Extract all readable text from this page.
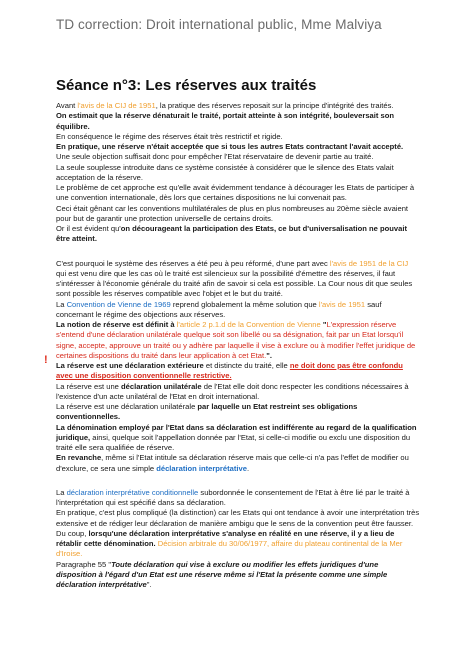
TD correction: Droit international public, Mme Malviya
Séance n°3: Les réserves aux traités
!

Avant l'avis de la CIJ de 1951, la pratique des réserves reposait sur la principe d'intégrité des traités.

On estimait que la réserve dénaturait le traité, portait atteinte à son intégrité, bouleversait son équilibre.

En conséquence le régime des réserves était très restrictif et rigide.

En pratique, une réserve n'était acceptée que si tous les autres Etats contractant l'avait accepté.

Une seule objection suffisait donc pour empêcher l'Etat réservataire de devenir partie au traité.

La seule souplesse introduite dans ce système consistée à considérer que le silence des Etats valait acceptation de la réserve.

Le problème de cet approche est qu'elle avait évidemment tendance à décourager les Etats de participer à une convention internationale, dès lors que certaines dispositions ne lui convenait pas.

Ceci était gênant car les conventions multilatérales de plus en plus nombreuses au 20ème siècle avaient pour but de garantir une protection universelle de certains droits.

Or il est évident qu'on décourageant la participation des Etats, ce but d'universalisation ne pouvait être atteint.

C'est pourquoi le système des réserves a été peu à peu réformé, d'une part avec l'avis de 1951 de la CIJ qui est venu dire que les cas où le traité est silencieux sur la possibilité d'émettre des réserves, il faut s'intéresser à l'économie générale du traité afin de savoir si cela est possible. La Cour nous dit que seules sont possible les réserves compatible avec l'objet et le but du traité.

La Convention de Vienne de 1969 reprend globalement la même solution que l'avis de 1951 sauf concernant le régime des objections aux réserves.

La notion de réserve est définit à l'article 2 p.1.d de la Convention de Vienne "L'expression réserve s'entend d'une déclaration unilatérale quelque soit son libellé ou sa désignation, fait par un Etat lorsqu'il signe, accepte, approuve un traité ou y adhère par laquelle il vise à exclure ou à modifier l'effet juridique de certaines dispositions du traité dans leur application à cet Etat.".

La réserve est une déclaration extérieure et distincte du traité, elle ne doit donc pas être confondu avec une disposition conventionnelle restrictive.

La réserve est une déclaration unilatérale de l'Etat elle doit donc respecter les conditions nécessaires à l'existence d'un acte unilatéral de l'Etat en droit international.

La réserve est une déclaration unilatérale par laquelle un Etat restreint ses obligations conventionnelles.

La dénomination employé par l'Etat dans sa déclaration est indifférente au regard de la qualification juridique, ainsi, quelque soit l'appellation donnée par l'Etat, si celle-ci modifie ou exclu une disposition du traité elle sera qualifiée de réserve.

En revanche, même si l'Etat intitule sa déclaration réserve mais que celle-ci n'a pas l'effet de modifier ou d'exclure, ce sera une simple déclaration interprétative.

La déclaration interprétative conditionnelle subordonnée le consentement de l'Etat à être lié par le traité à l'interprétation qui est spécifié dans sa déclaration.

En pratique, c'est plus compliqué (la distinction) car les Etats qui ont tendance à avoir une interprétation très extensive et de rédiger leur déclaration de manière ambigu que le sens de la convention peut être fausser.

Du coup, lorsqu'une déclaration interprétative s'analyse en réalité en une réserve, il y a lieu de rétablir cette dénomination. Décision arbitrale du 30/06/1977, affaire du plateau continental de la Mer d'Iroise.

Paragraphe 55 "Toute déclaration qui vise à exclure ou modifier les effets juridiques d'une disposition à l'égard d'un Etat est une réserve même si l'Etat la présente comme une simple déclaration interprétative".
